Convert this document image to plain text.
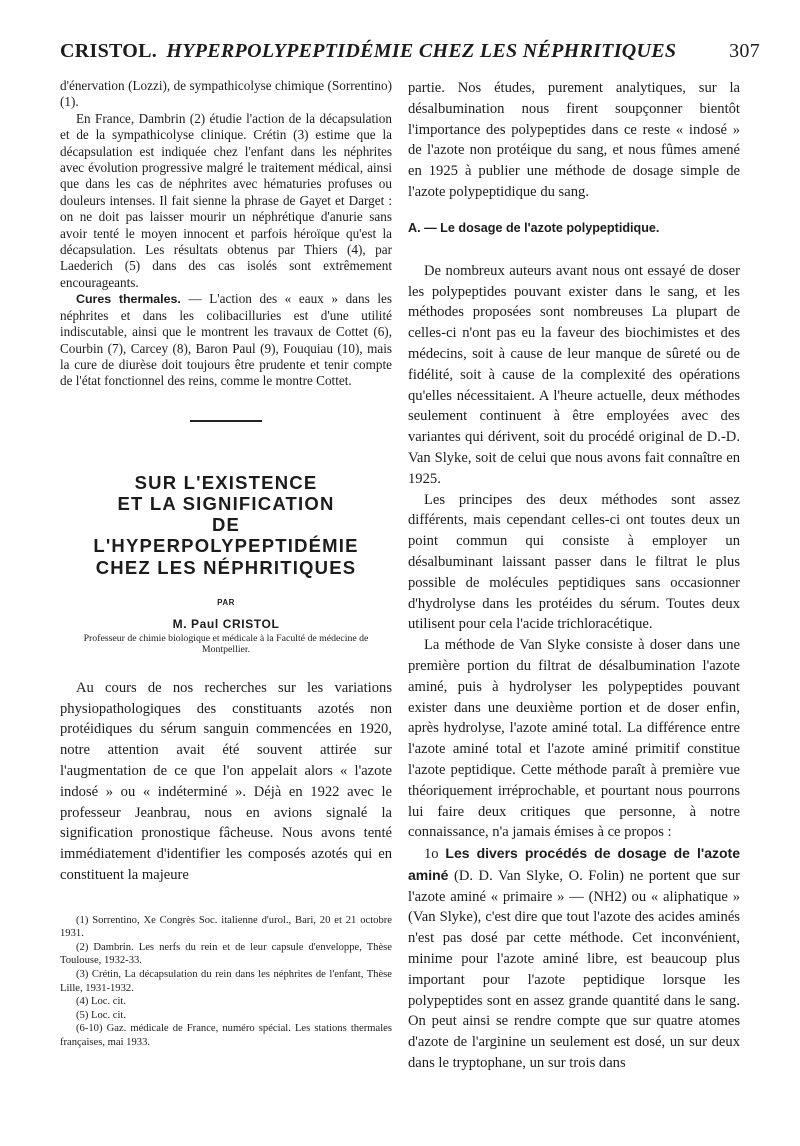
CRISTOL. HYPERPOLYPEPTIDÉMIE CHEZ LES NÉPHRITIQUES	307

d'énervation (Lozzi), de sympathicolyse chimique (Sorrentino) (1).

En France, Dambrin (2) étudie l'action de la décapsulation et de la sympathicolyse clinique. Crétin (3) estime que la décapsulation est indiquée chez l'enfant dans les néphrites avec évolution progressive malgré le traitement médical, ainsi que dans les cas de néphrites avec hématuries profuses ou douleurs intenses. Il fait sienne la phrase de Gayet et Darget : on ne doit pas laisser mourir un néphrétique d'anurie sans avoir tenté le moyen innocent et parfois héroïque qu'est la décapsulation. Les résultats obtenus par Thiers (4), par Laederich (5) dans des cas isolés sont extrêmement encourageants.

Cures thermales. — L'action des « eaux » dans les néphrites et dans les colibacilluries est d'une utilité indiscutable, ainsi que le montrent les travaux de Cottet (6), Courbin (7), Carcey (8), Baron Paul (9), Fouquiau (10), mais la cure de diurèse doit toujours être prudente et tenir compte de l'état fonctionnel des reins, comme le montre Cottet.

SUR L'EXISTENCE
ET LA SIGNIFICATION
DE
L'HYPERPOLYPEPTIDÉMIE
CHEZ LES NÉPHRITIQUES
PAR
M. Paul CRISTOL
Professeur de chimie biologique et médicale à la Faculté de médecine de Montpellier.

Au cours de nos recherches sur les variations physiopathologiques des constituants azotés non protéidiques du sérum sanguin commencées en 1920, notre attention avait été souvent attirée sur l'augmentation de ce que l'on appelait alors « l'azote indosé » ou « indéterminé ». Déjà en 1922 avec le professeur Jeanbrau, nous en avions signalé la signification pronostique fâcheuse. Nous avons tenté immédiatement d'identifier les composés azotés qui en constituent la majeure

(1) Sorrentino, Xe Congrès Soc. italienne d'urol., Bari, 20 et 21 octobre 1931.

(2) Dambrin. Les nerfs du rein et de leur capsule d'enveloppe, Thèse Toulouse, 1932-33.

(3) Crétin, La décapsulation du rein dans les néphrites de l'enfant, Thèse Lille, 1931-1932.

(4) Loc. cit.

(5) Loc. cit.

(6-10) Gaz. médicale de France, numéro spécial. Les stations thermales françaises, mai 1933.

partie. Nos études, purement analytiques, sur la désalbumination nous firent soupçonner bientôt l'importance des polypeptides dans ce reste « indosé » de l'azote non protéique du sang, et nous fûmes amené en 1925 à publier une méthode de dosage simple de l'azote polypeptidique du sang.

A. — Le dosage de l'azote polypeptidique.

De nombreux auteurs avant nous ont essayé de doser les polypeptides pouvant exister dans le sang, et les méthodes proposées sont nombreuses La plupart de celles-ci n'ont pas eu la faveur des biochimistes et des médecins, soit à cause de leur manque de sûreté ou de fidélité, soit à cause de la complexité des opérations qu'elles nécessitaient. A l'heure actuelle, deux méthodes seulement continuent à être employées avec des variantes qui dérivent, soit du procédé original de D.-D. Van Slyke, soit de celui que nous avons fait connaître en 1925.

Les principes des deux méthodes sont assez différents, mais cependant celles-ci ont toutes deux un point commun qui consiste à employer un désalbuminant laissant passer dans le filtrat le plus possible de molécules peptidiques sans occasionner d'hydrolyse dans les protéides du sérum. Toutes deux utilisent pour cela l'acide trichloracétique.

La méthode de Van Slyke consiste à doser dans une première portion du filtrat de désalbumination l'azote aminé, puis à hydrolyser les polypeptides pouvant exister dans une deuxième portion et de doser enfin, après hydrolyse, l'azote aminé total. La différence entre l'azote aminé total et l'azote aminé primitif constitue l'azote peptidique. Cette méthode paraît à première vue théoriquement irréprochable, et pourtant nous pourrons lui faire deux critiques que personne, à notre connaissance, n'a jamais émises à ce propos :

1o Les divers procédés de dosage de l'azote aminé (D. D. Van Slyke, O. Folin) ne portent que sur l'azote aminé « primaire » — (NH2) ou « aliphatique » (Van Slyke), c'est dire que tout l'azote des acides aminés n'est pas dosé par cette méthode. Cet inconvénient, minime pour l'azote aminé libre, est beaucoup plus important pour l'azote peptidique lorsque les polypeptides sont en assez grande quantité dans le sang. On peut ainsi se rendre compte que sur quatre atomes d'azote de l'arginine un seulement est dosé, un sur deux dans le tryptophane, un sur trois dans
